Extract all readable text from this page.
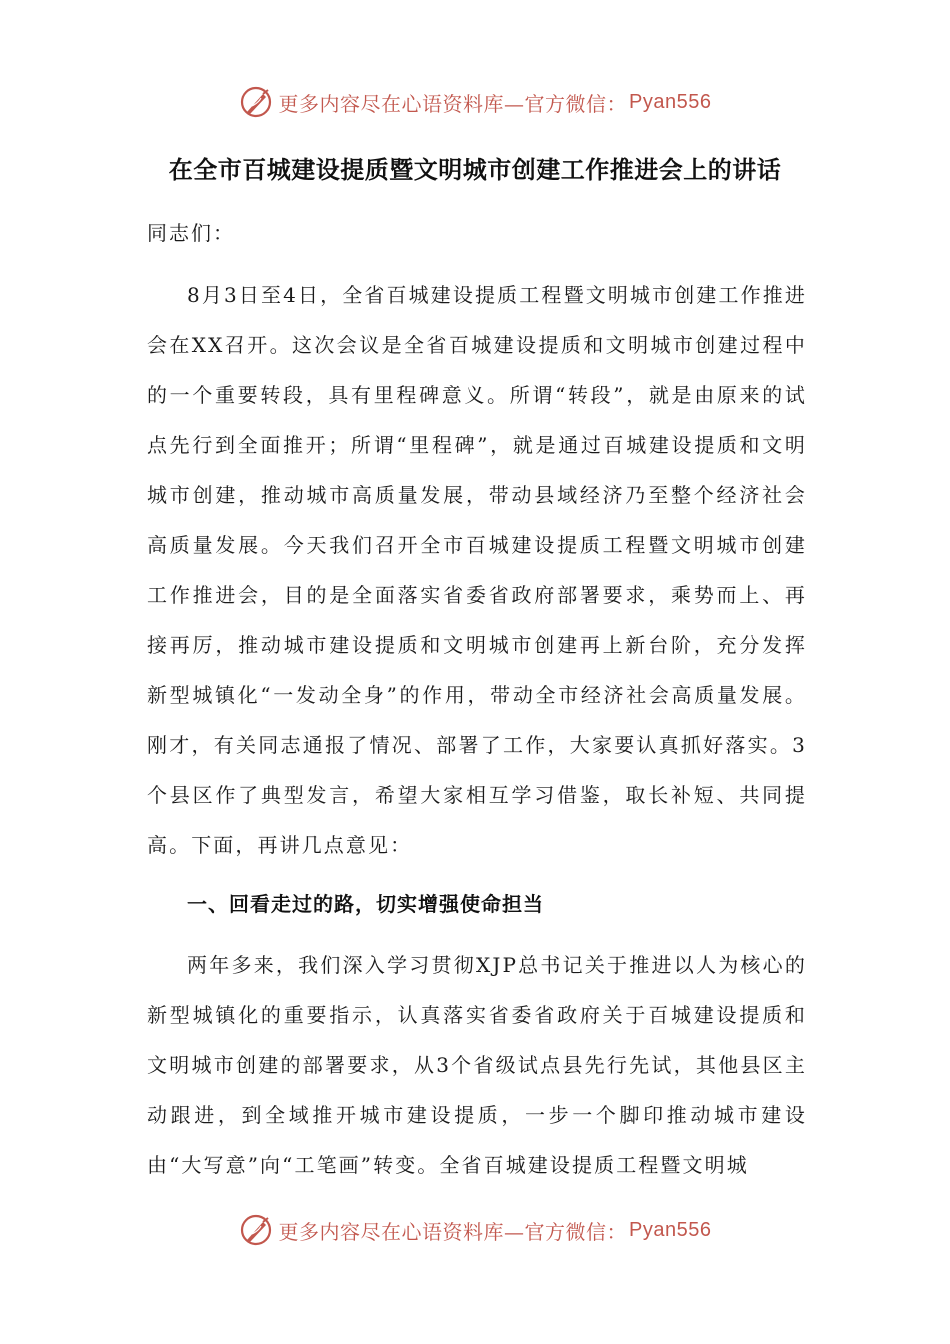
更多内容尽在心语资料库—官方微信： Pyan556
在全市百城建设提质暨文明城市创建工作推进会上的讲话
同志们：

8月3日至4日，全省百城建设提质工程暨文明城市创建工作推进会在XX召开。这次会议是全省百城建设提质和文明城市创建过程中的一个重要转段，具有里程碑意义。所谓“转段”，就是由原来的试点先行到全面推开；所谓“里程碑”，就是通过百城建设提质和文明城市创建，推动城市高质量发展，带动县域经济乃至整个经济社会高质量发展。今天我们召开全市百城建设提质工程暨文明城市创建工作推进会，目的是全面落实省委省政府部署要求，乘势而上、再接再厉，推动城市建设提质和文明城市创建再上新台阶，充分发挥新型城镇化“一发动全身”的作用，带动全市经济社会高质量发展。刚才，有关同志通报了情况、部署了工作，大家要认真抓好落实。3个县区作了典型发言，希望大家相互学习借鉴，取长补短、共同提高。下面，再讲几点意见：

一、回看走过的路，切实增强使命担当

两年多来，我们深入学习贯彻XJP总书记关于推进以人为核心的新型城镇化的重要指示，认真落实省委省政府关于百城建设提质和文明城市创建的部署要求，从3个省级试点县先行先试，其他县区主动跟进，到全域推开城市建设提质，一步一个脚印推动城市建设由“大写意”向“工笔画”转变。全省百城建设提质工程暨文明城

更多内容尽在心语资料库—官方微信： Pyan556
